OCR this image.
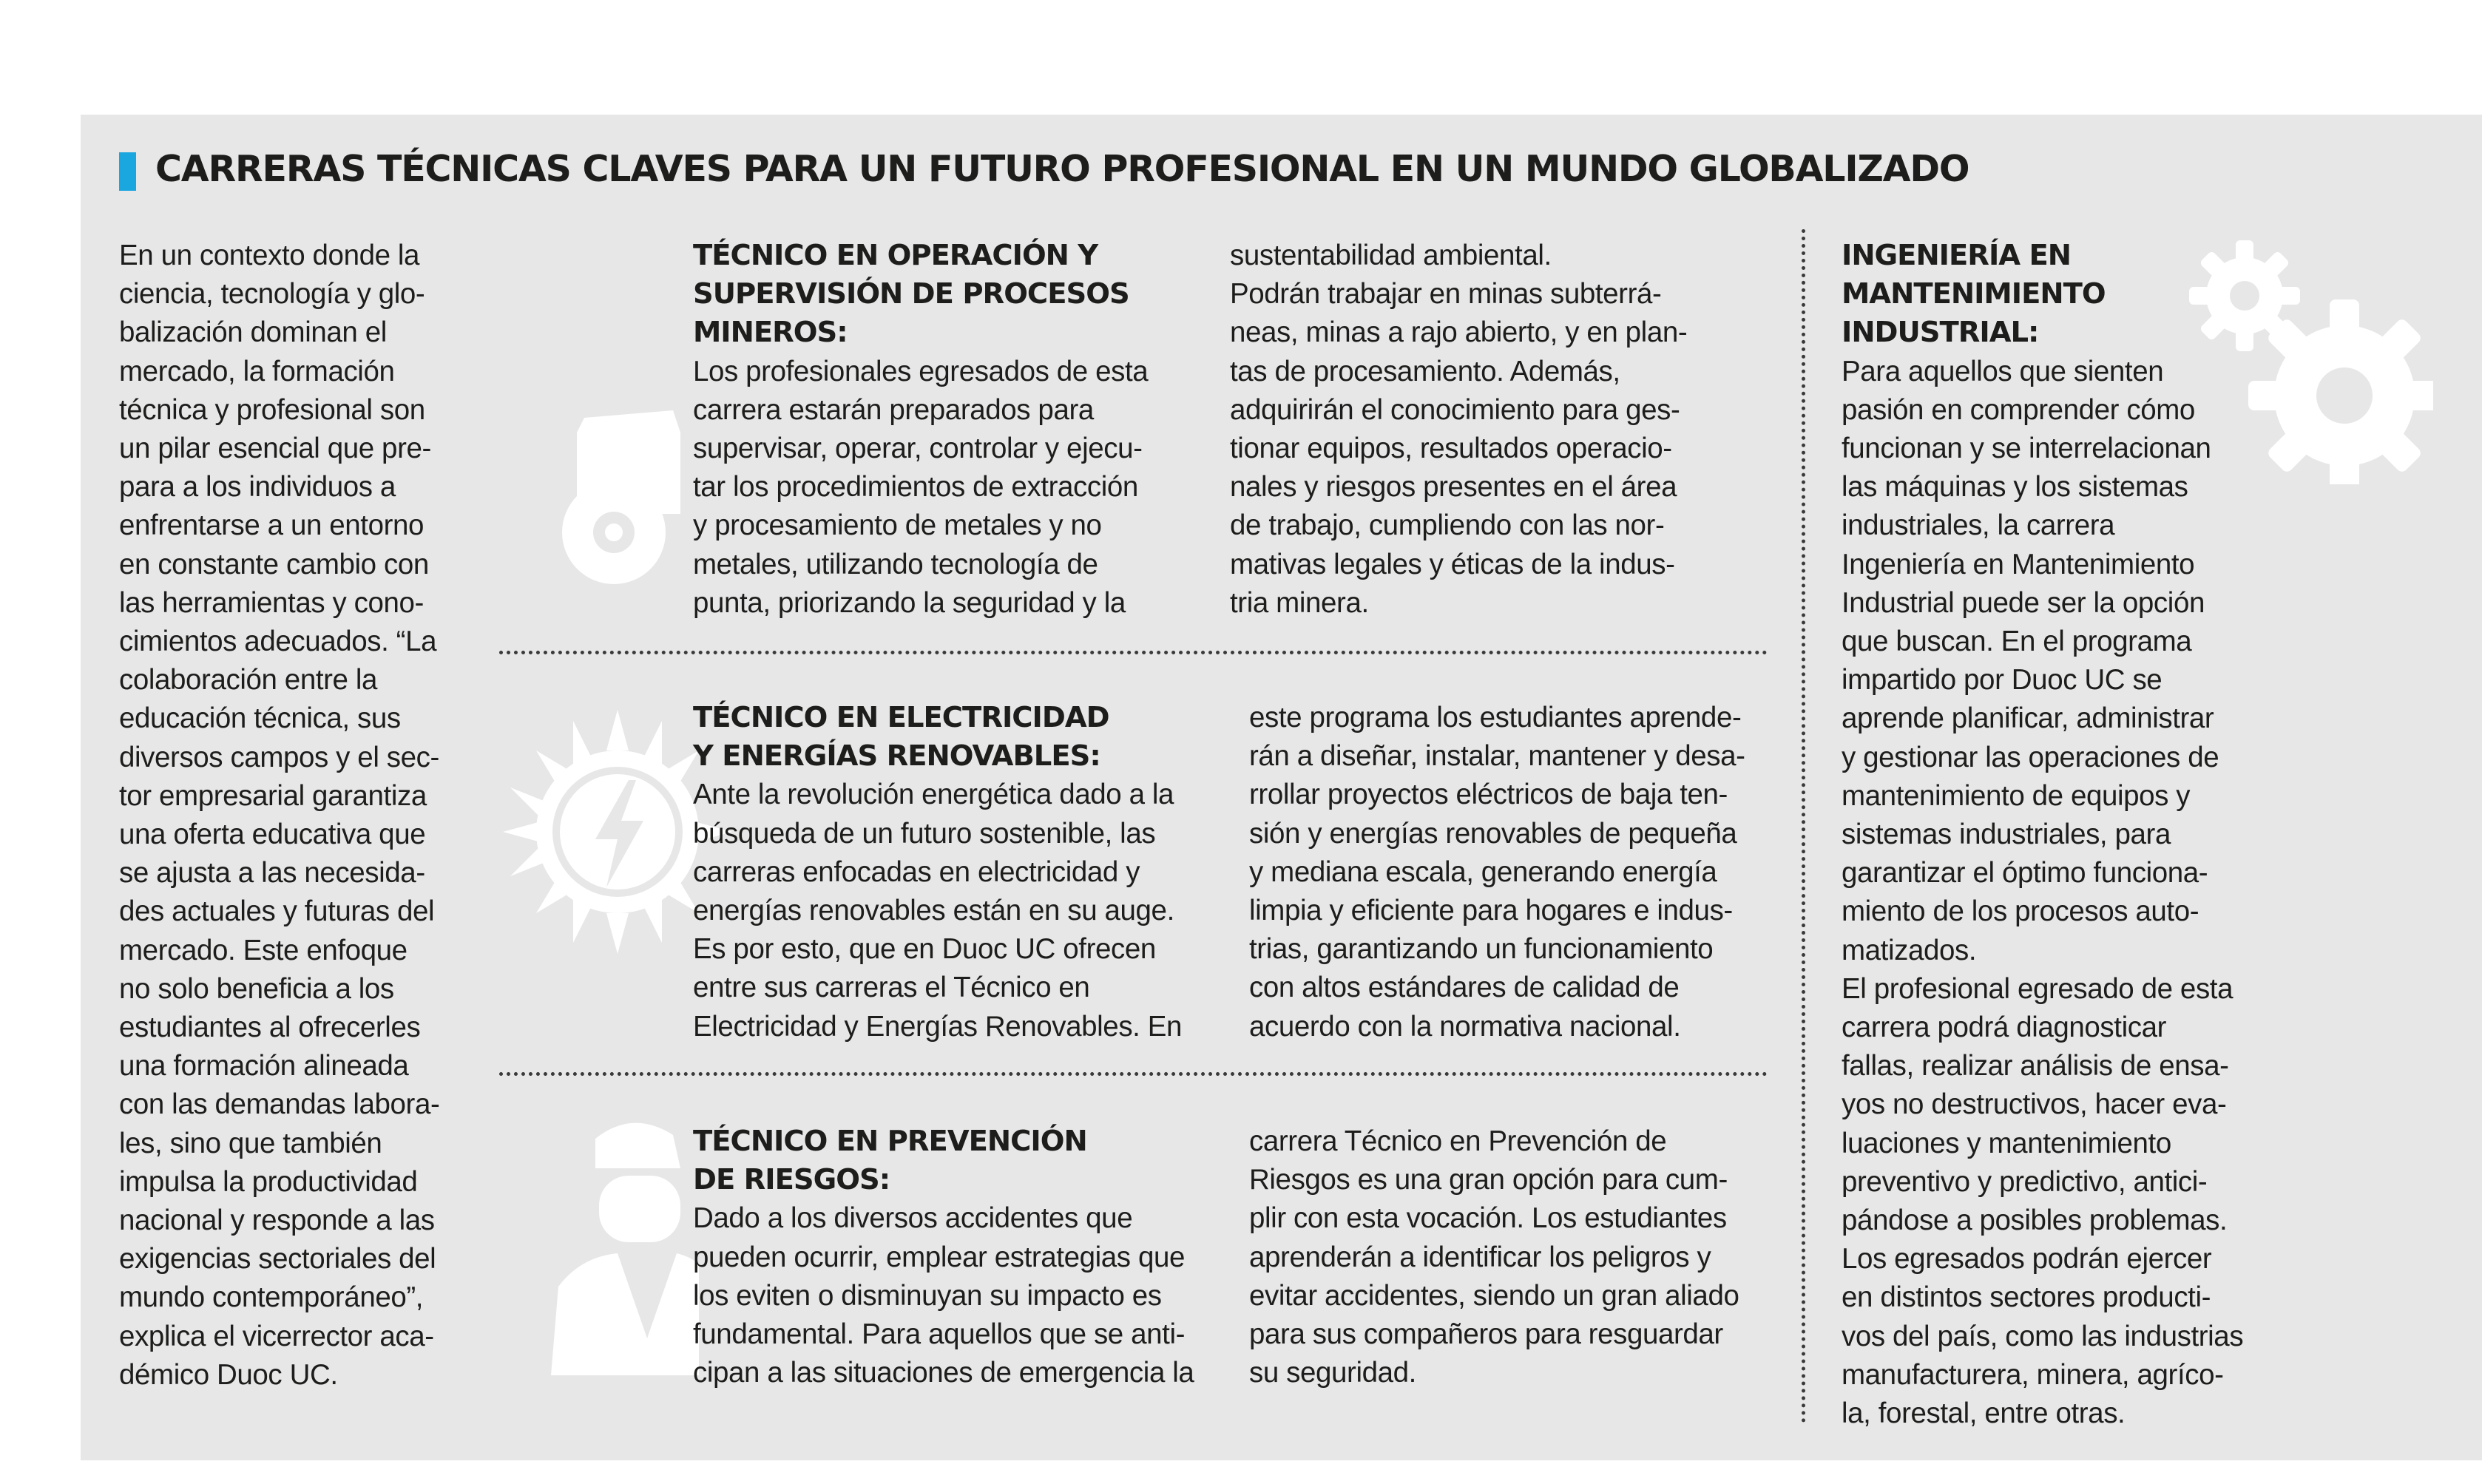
CARRERAS TÉCNICAS CLAVES PARA UN FUTURO PROFESIONAL EN UN MUNDO GLOBALIZADO

En un contexto donde la
ciencia, tecnología y glo-
balización dominan el
mercado, la formación
técnica y profesional son
un pilar esencial que pre-
para a los individuos a
enfrentarse a un entorno
en constante cambio con
las herramientas y cono-
cimientos adecuados. “La
colaboración entre la
educación técnica, sus
diversos campos y el sec-
tor empresarial garantiza
una oferta educativa que
se ajusta a las necesida-
des actuales y futuras del
mercado. Este enfoque
no solo beneficia a los
estudiantes al ofrecerles
una formación alineada
con las demandas labora-
les, sino que también
impulsa la productividad
nacional y responde a las
exigencias sectoriales del
mundo contemporáneo”,
explica el vicerrector aca-
démico Duoc UC.

TÉCNICO EN OPERACIÓN Y
SUPERVISIÓN DE PROCESOS
MINEROS:

Los profesionales egresados de esta
carrera estarán preparados para
supervisar, operar, controlar y ejecu-
tar los procedimientos de extracción
y procesamiento de metales y no
metales, utilizando tecnología de
punta, priorizando la seguridad y la

sustentabilidad ambiental.
Podrán trabajar en minas subterrá-
neas, minas a rajo abierto, y en plan-
tas de procesamiento. Además,
adquirirán el conocimiento para ges-
tionar equipos, resultados operacio-
nales y riesgos presentes en el área
de trabajo, cumpliendo con las nor-
mativas legales y éticas de la indus-
tria minera.

TÉCNICO EN ELECTRICIDAD
Y ENERGÍAS RENOVABLES:

Ante la revolución energética dado a la
búsqueda de un futuro sostenible, las
carreras enfocadas en electricidad y
energías renovables están en su auge.
Es por esto, que en Duoc UC ofrecen
entre sus carreras el Técnico en
Electricidad y Energías Renovables. En

este programa los estudiantes aprende-
rán a diseñar, instalar, mantener y desa-
rrollar proyectos eléctricos de baja ten-
sión y energías renovables de pequeña
y mediana escala, generando energía
limpia y eficiente para hogares e indus-
trias, garantizando un funcionamiento
con altos estándares de calidad de
acuerdo con la normativa nacional.

TÉCNICO EN PREVENCIÓN
DE RIESGOS:

Dado a los diversos accidentes que
pueden ocurrir, emplear estrategias que
los eviten o disminuyan su impacto es
fundamental. Para aquellos que se anti-
cipan a las situaciones de emergencia la

carrera Técnico en Prevención de
Riesgos es una gran opción para cum-
plir con esta vocación. Los estudiantes
aprenderán a identificar los peligros y
evitar accidentes, siendo un gran aliado
para sus compañeros para resguardar
su seguridad.

INGENIERÍA EN
MANTENIMIENTO
INDUSTRIAL:

Para aquellos que sienten
pasión en comprender cómo
funcionan y se interrelacionan
las máquinas y los sistemas
industriales, la carrera
Ingeniería en Mantenimiento
Industrial puede ser la opción
que buscan. En el programa
impartido por Duoc UC se
aprende planificar, administrar
y gestionar las operaciones de
mantenimiento de equipos y
sistemas industriales, para
garantizar el óptimo funciona-
miento de los procesos auto-
matizados.
El profesional egresado de esta
carrera podrá diagnosticar
fallas, realizar análisis de ensa-
yos no destructivos, hacer eva-
luaciones y mantenimiento
preventivo y predictivo, antici-
pándose a posibles problemas.
Los egresados podrán ejercer
en distintos sectores producti-
vos del país, como las industrias
manufacturera, minera, agríco-
la, forestal, entre otras.
